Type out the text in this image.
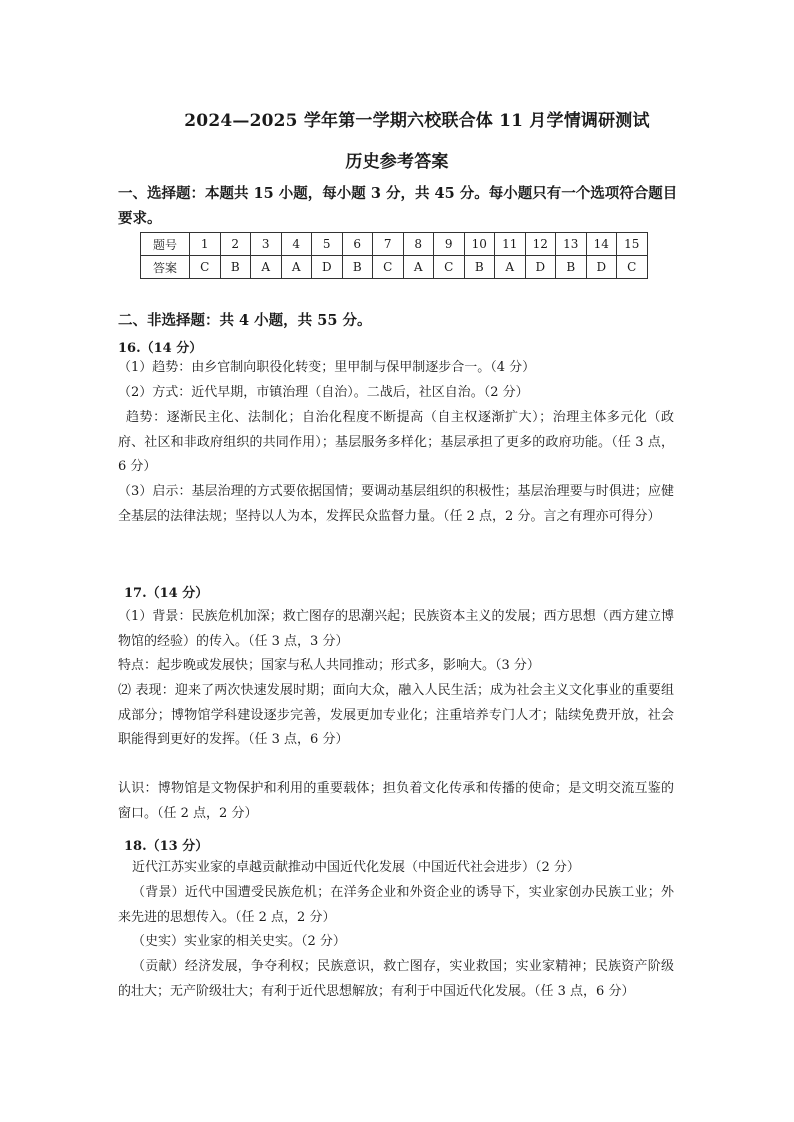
2024—2025 学年第一学期六校联合体 11 月学情调研测试
历史参考答案
一、选择题：本题共 15 小题，每小题 3 分，共 45 分。每小题只有一个选项符合题目要求。
题号	1	2	3	4	5	6	7	8	9	10	11	12	13	14	15
答案	C	B	A	A	D	B	C	A	C	B	A	D	B	D	C
二、非选择题：共 4 小题，共 55 分。
16.（14 分）
（1）趋势：由乡官制向职役化转变；里甲制与保甲制逐步合一。（4 分）
（2）方式：近代早期，市镇治理（自治）。二战后，社区自治。（2 分）
趋势：逐渐民主化、法制化；自治化程度不断提高（自主权逐渐扩大）；治理主体多元化（政府、社区和非政府组织的共同作用）；基层服务多样化；基层承担了更多的政府功能。（任 3 点，6 分）
（3）启示：基层治理的方式要依据国情；要调动基层组织的积极性；基层治理要与时俱进；应健全基层的法律法规；坚持以人为本，发挥民众监督力量。（任 2 点，2 分。言之有理亦可得分）
17.（14 分）
（1）背景：民族危机加深；救亡图存的思潮兴起；民族资本主义的发展；西方思想（西方建立博物馆的经验）的传入。（任 3 点，3 分）
特点：起步晚或发展快；国家与私人共同推动；形式多，影响大。（3 分）
⑵ 表现：迎来了两次快速发展时期；面向大众，融入人民生活；成为社会主义文化事业的重要组成部分；博物馆学科建设逐步完善，发展更加专业化；注重培养专门人才；陆续免费开放，社会职能得到更好的发挥。（任 3 点，6 分）
认识：博物馆是文物保护和利用的重要载体；担负着文化传承和传播的使命；是文明交流互鉴的窗口。（任 2 点，2 分）
18.（13 分）
近代江苏实业家的卓越贡献推动中国近代化发展（中国近代社会进步）（2 分）
（背景）近代中国遭受民族危机；在洋务企业和外资企业的诱导下，实业家创办民族工业；外来先进的思想传入。（任 2 点，2 分）
（史实）实业家的相关史实。（2 分）
（贡献）经济发展，争夺利权；民族意识，救亡图存，实业救国；实业家精神；民族资产阶级的壮大；无产阶级壮大；有利于近代思想解放；有利于中国近代化发展。（任 3 点，6 分）
